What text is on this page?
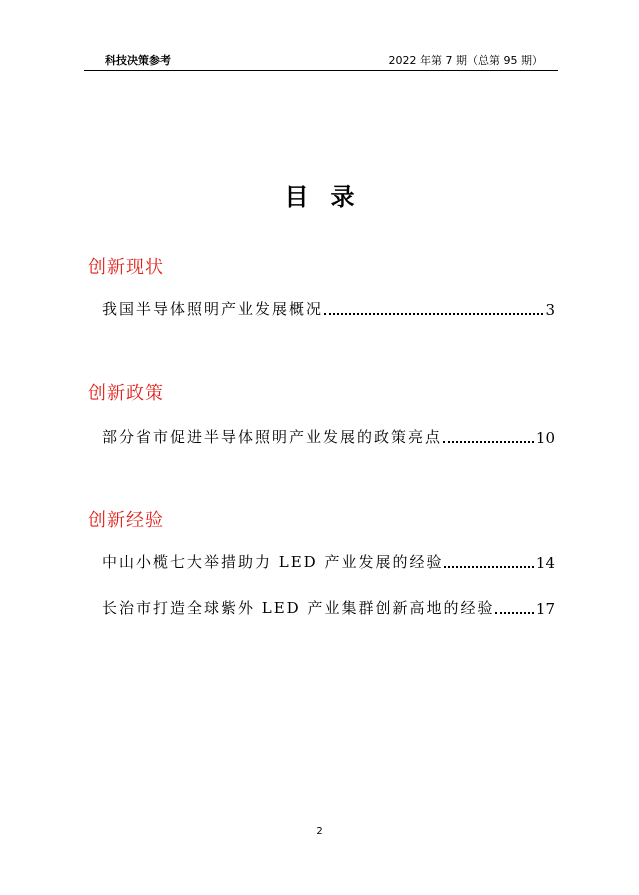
科技决策参考	2022 年第 7 期（总第 95 期）
目录
创新现状
我国半导体照明产业发展概况	3
创新政策
部分省市促进半导体照明产业发展的政策亮点	10
创新经验
中山小榄七大举措助力 LED 产业发展的经验	14
长治市打造全球紫外 LED 产业集群创新高地的经验	17
2
